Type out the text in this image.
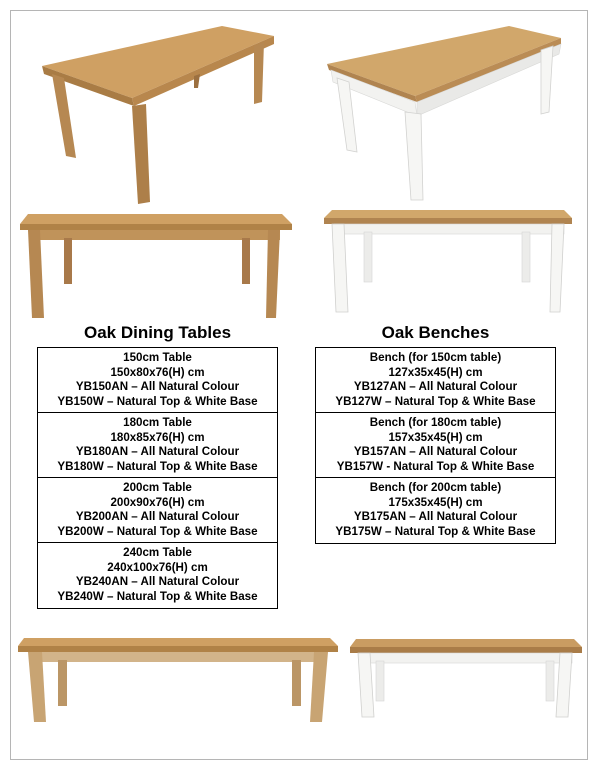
Oak Dining Tables	Oak Benches
150cm Table
150x80x76(H) cm
YB150AN – All Natural Colour
YB150W – Natural Top & White Base
180cm Table
180x85x76(H) cm
YB180AN – All Natural Colour
YB180W – Natural Top & White Base
200cm Table
200x90x76(H) cm
YB200AN – All Natural Colour
YB200W – Natural Top & White Base
240cm Table
240x100x76(H) cm
YB240AN – All Natural Colour
YB240W – Natural Top & White Base
Bench (for 150cm table)
127x35x45(H) cm
YB127AN – All Natural Colour
YB127W – Natural Top & White Base
Bench (for 180cm table)
157x35x45(H) cm
YB157AN – All Natural Colour
YB157W - Natural Top & White Base
Bench (for 200cm table)
175x35x45(H) cm
YB175AN – All Natural Colour
YB175W – Natural Top & White Base
